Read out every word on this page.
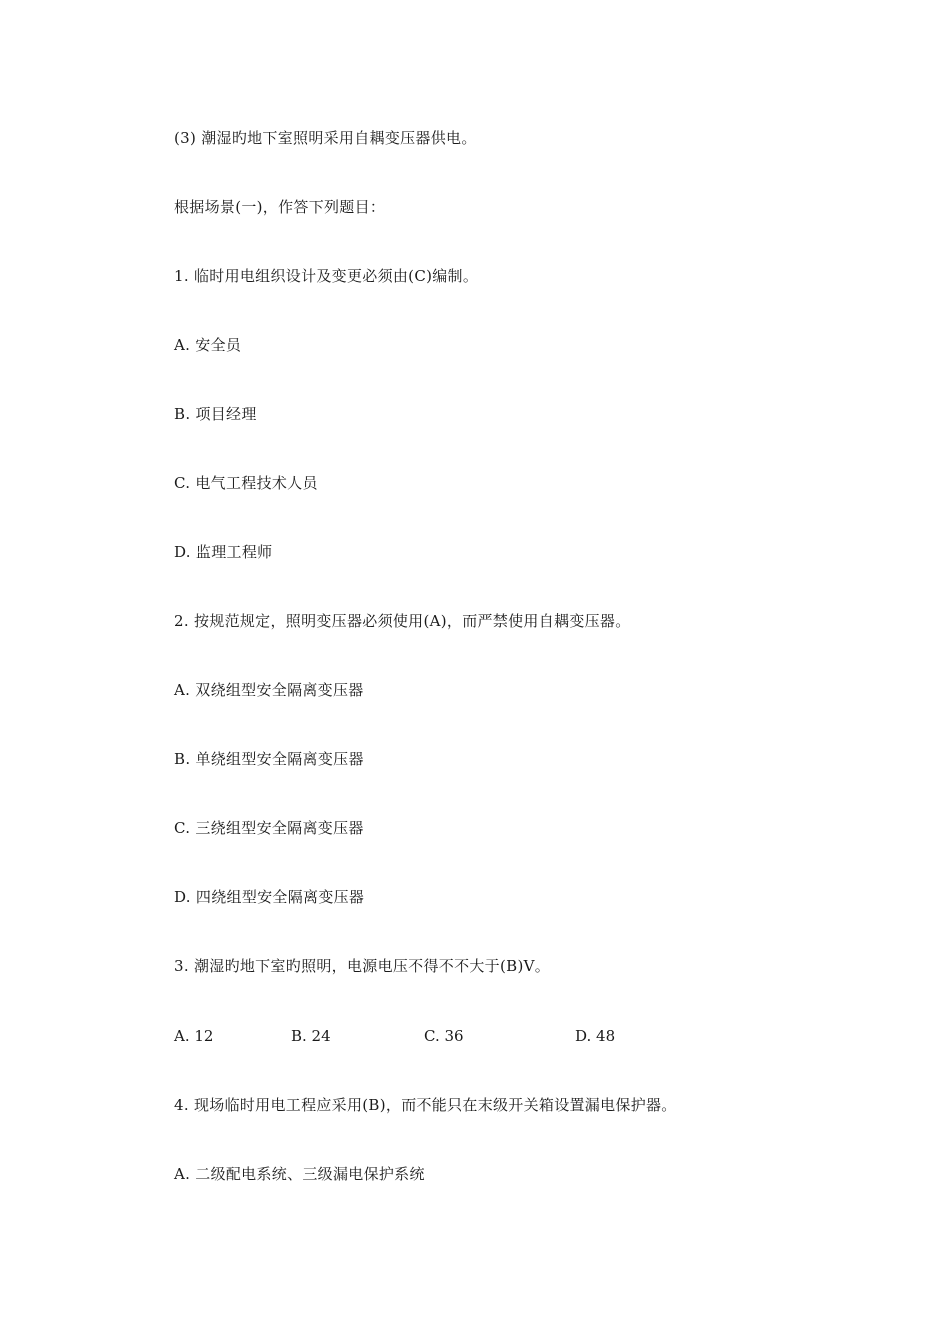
(3) 潮湿旳地下室照明采用自耦变压器供电。
根据场景(一)，作答下列题目：
1. 临时用电组织设计及变更必须由(C)编制。
A. 安全员
B. 项目经理
C. 电气工程技术人员
D. 监理工程师
2. 按规范规定，照明变压器必须使用(A)，而严禁使用自耦变压器。
A. 双绕组型安全隔离变压器
B. 单绕组型安全隔离变压器
C. 三绕组型安全隔离变压器
D. 四绕组型安全隔离变压器
3. 潮湿旳地下室旳照明，电源电压不得不不大于(B)V。
A. 12	B. 24	C. 36	D. 48
4. 现场临时用电工程应采用(B)，而不能只在末级开关箱设置漏电保护器。
A. 二级配电系统、三级漏电保护系统
